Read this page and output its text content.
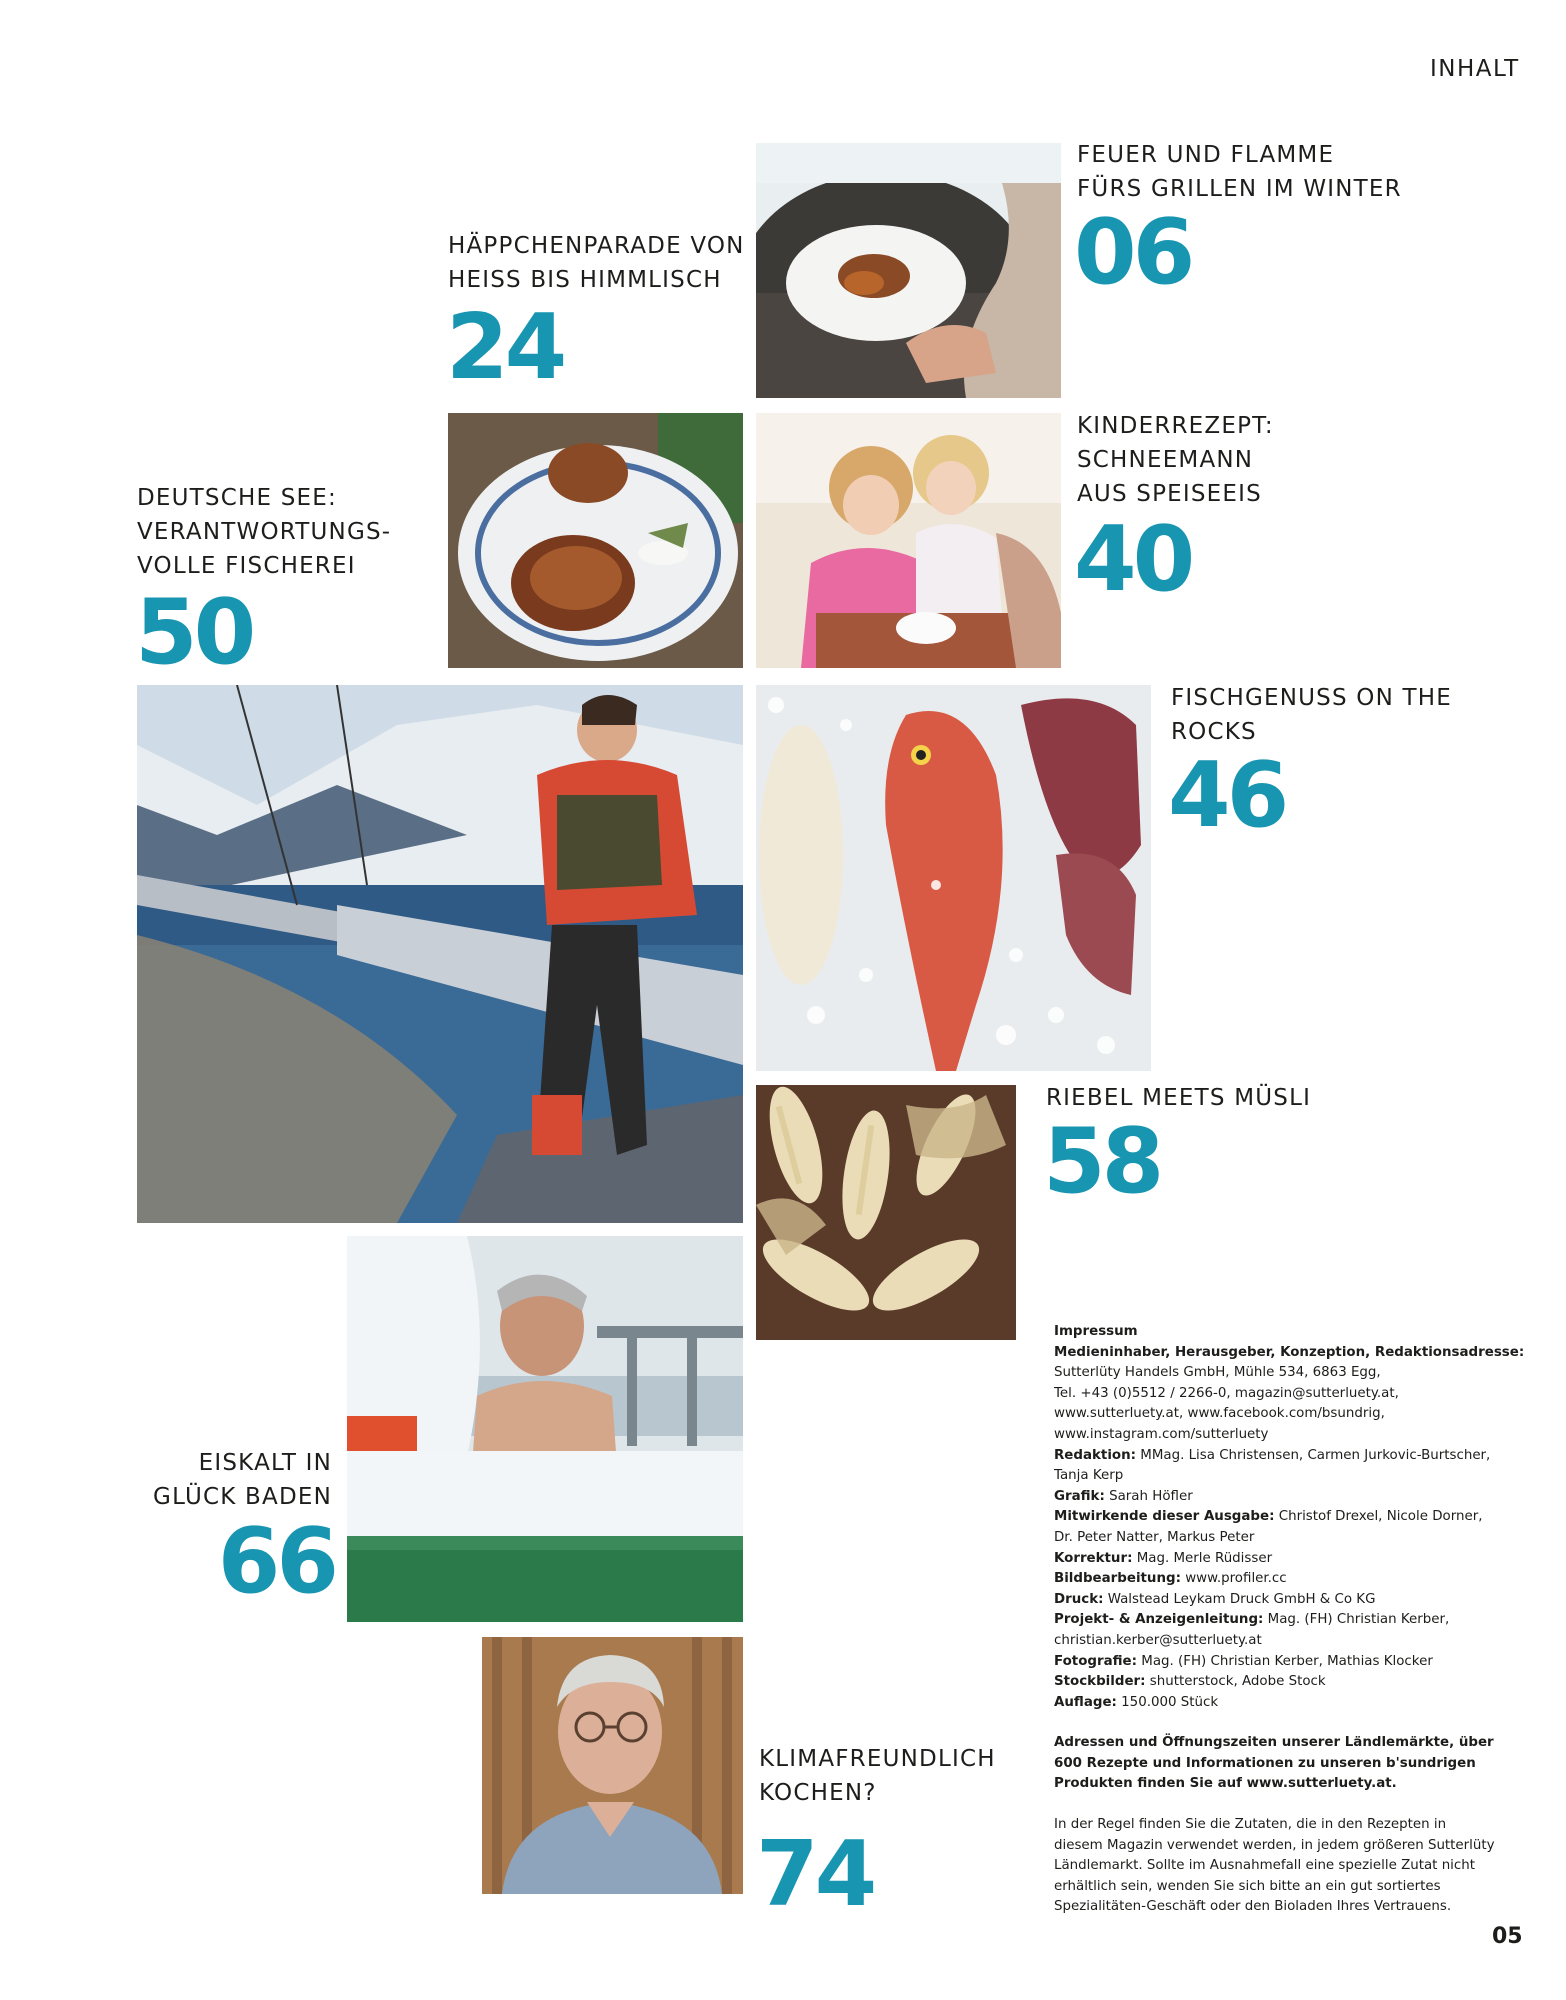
INHALT
FEUER UND FLAMME
FÜRS GRILLEN IM WINTER
06
HÄPPCHENPARADE VON
HEISS BIS HIMMLISCH
24
KINDERREZEPT:
SCHNEEMANN
AUS SPEISEEIS
40
DEUTSCHE SEE:
VERANTWORTUNGS-
VOLLE FISCHEREI
50
FISCHGENUSS ON THE
ROCKS
46
RIEBEL MEETS MÜSLI
58
EISKALT IN
GLÜCK BADEN
66
KLIMAFREUNDLICH
KOCHEN?
74

Impressum

Medieninhaber, Herausgeber, Konzeption, Redaktionsadresse:

Sutterlüty Handels GmbH, Mühle 534, 6863 Egg,

Tel. +43 (0)5512 / 2266-0, magazin@sutterluety.at,

www.sutterluety.at, www.facebook.com/bsundrig,

www.instagram.com/sutterluety

Redaktion: MMag. Lisa Christensen, Carmen Jurkovic-Burtscher,

Tanja Kerp

Grafik: Sarah Höfler

Mitwirkende dieser Ausgabe: Christof Drexel, Nicole Dorner,

Dr. Peter Natter, Markus Peter

Korrektur: Mag. Merle Rüdisser

Bildbearbeitung: www.profiler.cc

Druck: Walstead Leykam Druck GmbH & Co KG

Projekt- & Anzeigenleitung: Mag. (FH) Christian Kerber,

christian.kerber@sutterluety.at

Fotografie: Mag. (FH) Christian Kerber, Mathias Klocker

Stockbilder: shutterstock, Adobe Stock

Auflage: 150.000 Stück

Adressen und Öffnungszeiten unserer Ländlemärkte, über

600 Rezepte und Informationen zu unseren b'sundrigen

Produkten finden Sie auf www.sutterluety.at.

In der Regel finden Sie die Zutaten, die in den Rezepten in

diesem Magazin verwendet werden, in jedem größeren Sutterlüty

Ländlemarkt. Sollte im Ausnahmefall eine spezielle Zutat nicht

erhältlich sein, wenden Sie sich bitte an ein gut sortiertes

Spezialitäten-Geschäft oder den Bioladen Ihres Vertrauens.

05
